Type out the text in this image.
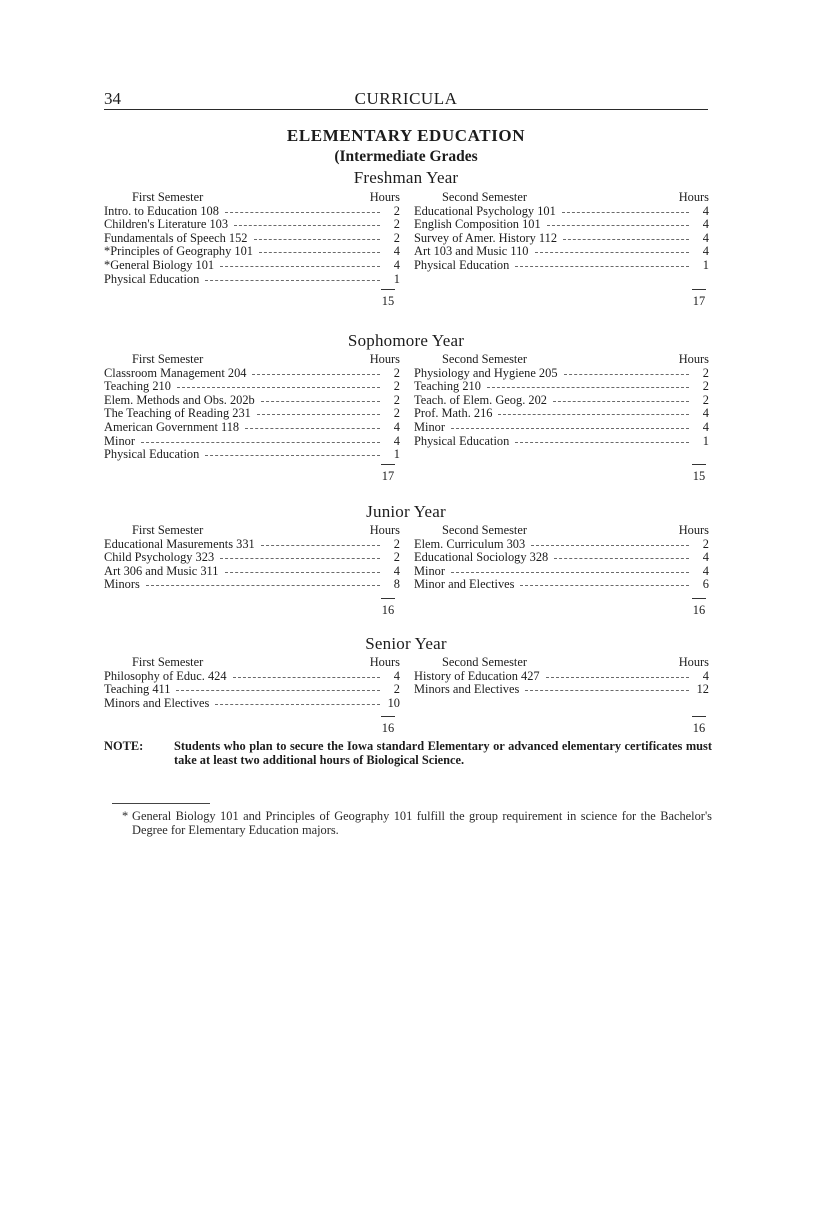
34	CURRICULA
ELEMENTARY EDUCATION
(Intermediate Grades
Freshman Year
First Semester	Hours
Intro. to Education 108	2
Children's Literature 103	2
Fundamentals of Speech 152	2
*Principles of Geography 101	4
*General Biology 101	4
Physical Education	1
Second Semester	Hours
Educational Psychology 101	4
English Composition 101	4
Survey of Amer. History 112	4
Art 103 and Music 110	4
Physical Education	1
15	17
Sophomore Year
First Semester	Hours
Classroom Management 204	2
Teaching 210	2
Elem. Methods and Obs. 202b	2
The Teaching of Reading 231	2
American Government 118	4
Minor	4
Physical Education	1
Second Semester	Hours
Physiology and Hygiene 205	2
Teaching 210	2
Teach. of Elem. Geog. 202	2
Prof. Math. 216	4
Minor	4
Physical Education	1
17	15
Junior Year
First Semester	Hours
Educational Masurements 331	2
Child Psychology 323	2
Art 306 and Music 311	4
Minors	8
Second Semester	Hours
Elem. Curriculum 303	2
Educational Sociology 328	4
Minor	4
Minor and Electives	6
16	16
Senior Year
First Semester	Hours
Philosophy of Educ. 424	4
Teaching 411	2
Minors and Electives	10
Second Semester	Hours
History of Education 427	4
Minors and Electives	12
16	16
NOTE:	Students who plan to secure the Iowa standard Elementary or advanced elementary certificates must take at least two additional hours of Biological Science.
* General Biology 101 and Principles of Geography 101 fulfill the group requirement in science for the Bachelor's Degree for Elementary Education majors.
